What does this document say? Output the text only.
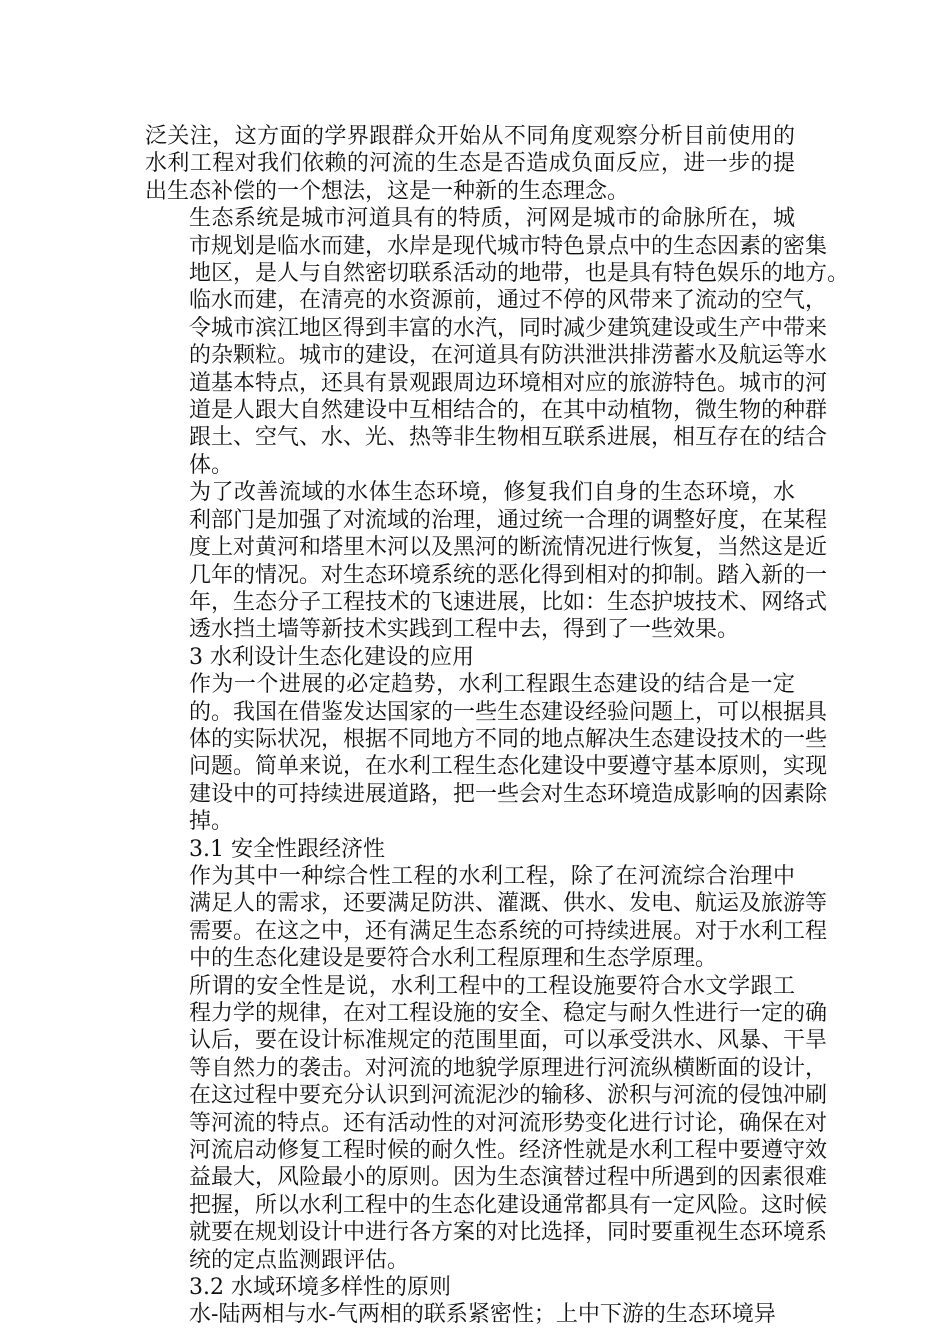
泛关注，这方面的学界跟群众开始从不同角度观察分析目前使用的
水利工程对我们依赖的河流的生态是否造成负面反应，进一步的提
出生态补偿的一个想法，这是一种新的生态理念。

生态系统是城市河道具有的特质，河网是城市的命脉所在，城
市规划是临水而建，水岸是现代城市特色景点中的生态因素的密集
地区，是人与自然密切联系活动的地带，也是具有特色娱乐的地方。
临水而建，在清亮的水资源前，通过不停的风带来了流动的空气，
令城市滨江地区得到丰富的水汽，同时减少建筑建设或生产中带来
的杂颗粒。城市的建设，在河道具有防洪泄洪排涝蓄水及航运等水
道基本特点，还具有景观跟周边环境相对应的旅游特色。城市的河
道是人跟大自然建设中互相结合的，在其中动植物，微生物的种群
跟土、空气、水、光、热等非生物相互联系进展，相互存在的结合
体。

为了改善流域的水体生态环境，修复我们自身的生态环境，水
利部门是加强了对流域的治理，通过统一合理的调整好度，在某程
度上对黄河和塔里木河以及黑河的断流情况进行恢复，当然这是近
几年的情况。对生态环境系统的恶化得到相对的抑制。踏入新的一
年，生态分子工程技术的飞速进展，比如：生态护坡技术、网络式
透水挡土墙等新技术实践到工程中去，得到了一些效果。

3 水利设计生态化建设的应用

作为一个进展的必定趋势，水利工程跟生态建设的结合是一定
的。我国在借鉴发达国家的一些生态建设经验问题上，可以根据具
体的实际状况，根据不同地方不同的地点解决生态建设技术的一些
问题。简单来说，在水利工程生态化建设中要遵守基本原则，实现
建设中的可持续进展道路，把一些会对生态环境造成影响的因素除
掉。

3.1 安全性跟经济性

作为其中一种综合性工程的水利工程，除了在河流综合治理中
满足人的需求，还要满足防洪、灌溉、供水、发电、航运及旅游等
需要。在这之中，还有满足生态系统的可持续进展。对于水利工程
中的生态化建设是要符合水利工程原理和生态学原理。

所谓的安全性是说，水利工程中的工程设施要符合水文学跟工
程力学的规律，在对工程设施的安全、稳定与耐久性进行一定的确
认后，要在设计标准规定的范围里面，可以承受洪水、风暴、干旱
等自然力的袭击。对河流的地貌学原理进行河流纵横断面的设计，
在这过程中要充分认识到河流泥沙的输移、淤积与河流的侵蚀冲刷
等河流的特点。还有活动性的对河流形势变化进行讨论，确保在对
河流启动修复工程时候的耐久性。经济性就是水利工程中要遵守效
益最大，风险最小的原则。因为生态演替过程中所遇到的因素很难
把握，所以水利工程中的生态化建设通常都具有一定风险。这时候
就要在规划设计中进行各方案的对比选择，同时要重视生态环境系
统的定点监测跟评估。

3.2 水域环境多样性的原则

水-陆两相与水-气两相的联系紧密性；上中下游的生态环境异
